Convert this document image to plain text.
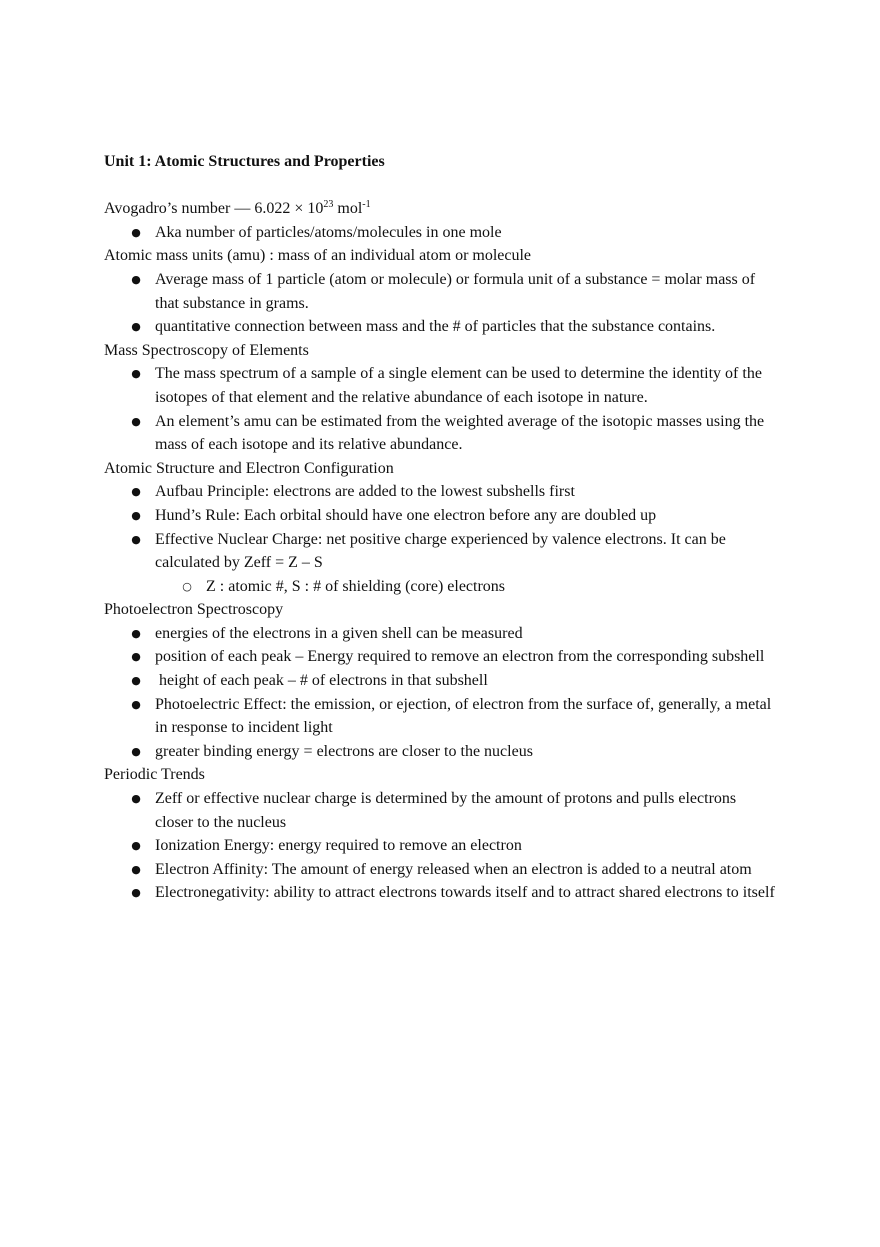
Unit 1: Atomic Structures and Properties

Avogadro’s number — $6.022 \times 10^{23}$ mol$^{-1}$

● Aka number of particles/atoms/molecules in one mole

Atomic mass units (amu) : mass of an individual atom or molecule

● Average mass of 1 particle (atom or molecule) or formula unit of a substance = molar mass of that substance in grams.
● quantitative connection between mass and the # of particles that the substance contains.

Mass Spectroscopy of Elements

● The mass spectrum of a sample of a single element can be used to determine the identity of the isotopes of that element and the relative abundance of each isotope in nature.
● An element’s amu can be estimated from the weighted average of the isotopic masses using the mass of each isotope and its relative abundance.

Atomic Structure and Electron Configuration

● Aufbau Principle: electrons are added to the lowest subshells first
● Hund’s Rule: Each orbital should have one electron before any are doubled up
● Effective Nuclear Charge: net positive charge experienced by valence electrons. It can be calculated by Zeff = Z – S
○ Z : atomic #, S : # of shielding (core) electrons

Photoelectron Spectroscopy

● energies of the electrons in a given shell can be measured
● position of each peak – Energy required to remove an electron from the corresponding subshell
● height of each peak – # of electrons in that subshell
● Photoelectric Effect: the emission, or ejection, of electron from the surface of, generally, a metal in response to incident light
● greater binding energy = electrons are closer to the nucleus

Periodic Trends

● Zeff or effective nuclear charge is determined by the amount of protons and pulls electrons closer to the nucleus
● Ionization Energy: energy required to remove an electron
● Electron Affinity: The amount of energy released when an electron is added to a neutral atom
● Electronegativity: ability to attract electrons towards itself and to attract shared electrons to itself
